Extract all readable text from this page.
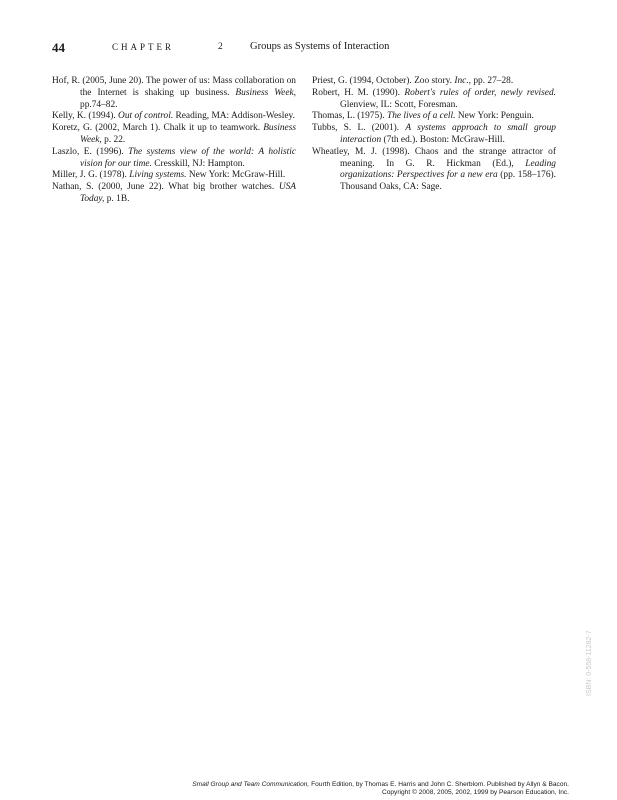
44	CHAPTER	2	Groups as Systems of Interaction

Hof, R. (2005, June 20). The power of us: Mass collaboration on the Internet is shaking up business. Business Week, pp.74–82.

Kelly, K. (1994). Out of control. Reading, MA: Addison-Wesley.

Koretz, G. (2002, March 1). Chalk it up to teamwork. Business Week, p. 22.

Laszlo, E. (1996). The systems view of the world: A holistic vision for our time. Cresskill, NJ: Hampton.

Miller, J. G. (1978). Living systems. New York: McGraw-Hill.

Nathan, S. (2000, June 22). What big brother watches. USA Today, p. 1B.

Priest, G. (1994, October). Zoo story. Inc., pp. 27–28.

Robert, H. M. (1990). Robert's rules of order, newly revised. Glenview, IL: Scott, Foresman.

Thomas, L. (1975). The lives of a cell. New York: Penguin.

Tubbs, S. L. (2001). A systems approach to small group interaction (7th ed.). Boston: McGraw-Hill.

Wheatley, M. J. (1998). Chaos and the strange attractor of meaning. In G. R. Hickman (Ed.), Leading organizations: Perspectives for a new era (pp. 158–176). Thousand Oaks, CA: Sage.

ISBN: 0-558-11282-7
Small Group and Team Communication, Fourth Edition, by Thomas E. Harris and John C. Sherblom. Published by Allyn & Bacon.
Copyright © 2008, 2005, 2002, 1999 by Pearson Education, Inc.
